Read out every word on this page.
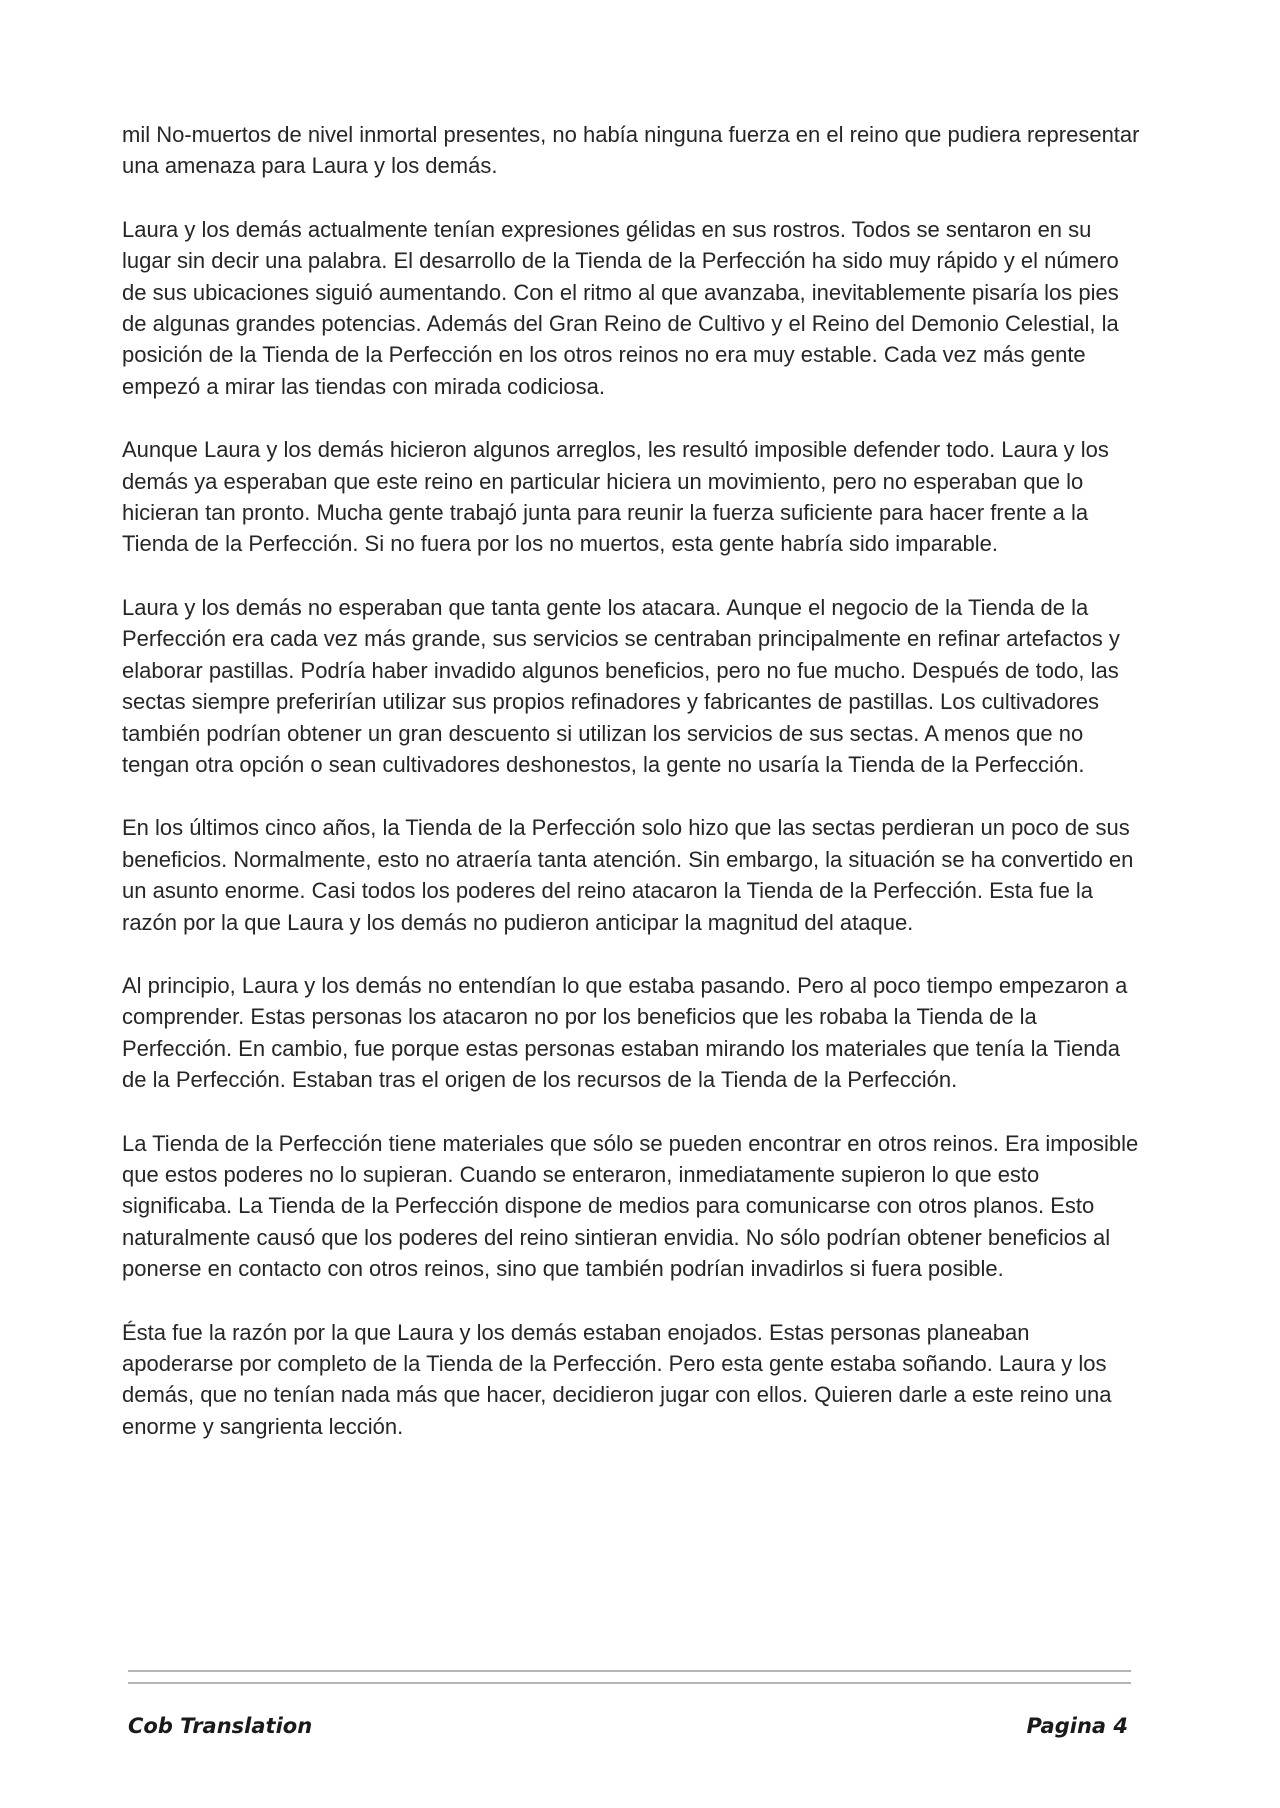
mil No-muertos de nivel inmortal presentes, no había ninguna fuerza en el reino que pudiera representar una amenaza para Laura y los demás.

Laura y los demás actualmente tenían expresiones gélidas en sus rostros. Todos se sentaron en su lugar sin decir una palabra. El desarrollo de la Tienda de la Perfección ha sido muy rápido y el número de sus ubicaciones siguió aumentando. Con el ritmo al que avanzaba, inevitablemente pisaría los pies de algunas grandes potencias. Además del Gran Reino de Cultivo y el Reino del Demonio Celestial, la posición de la Tienda de la Perfección en los otros reinos no era muy estable. Cada vez más gente empezó a mirar las tiendas con mirada codiciosa.

Aunque Laura y los demás hicieron algunos arreglos, les resultó imposible defender todo. Laura y los demás ya esperaban que este reino en particular hiciera un movimiento, pero no esperaban que lo hicieran tan pronto. Mucha gente trabajó junta para reunir la fuerza suficiente para hacer frente a la Tienda de la Perfección. Si no fuera por los no muertos, esta gente habría sido imparable.

Laura y los demás no esperaban que tanta gente los atacara. Aunque el negocio de la Tienda de la Perfección era cada vez más grande, sus servicios se centraban principalmente en refinar artefactos y elaborar pastillas. Podría haber invadido algunos beneficios, pero no fue mucho. Después de todo, las sectas siempre preferirían utilizar sus propios refinadores y fabricantes de pastillas. Los cultivadores también podrían obtener un gran descuento si utilizan los servicios de sus sectas. A menos que no tengan otra opción o sean cultivadores deshonestos, la gente no usaría la Tienda de la Perfección.

En los últimos cinco años, la Tienda de la Perfección solo hizo que las sectas perdieran un poco de sus beneficios. Normalmente, esto no atraería tanta atención. Sin embargo, la situación se ha convertido en un asunto enorme. Casi todos los poderes del reino atacaron la Tienda de la Perfección. Esta fue la razón por la que Laura y los demás no pudieron anticipar la magnitud del ataque.

Al principio, Laura y los demás no entendían lo que estaba pasando. Pero al poco tiempo empezaron a comprender. Estas personas los atacaron no por los beneficios que les robaba la Tienda de la Perfección. En cambio, fue porque estas personas estaban mirando los materiales que tenía la Tienda de la Perfección. Estaban tras el origen de los recursos de la Tienda de la Perfección.

La Tienda de la Perfección tiene materiales que sólo se pueden encontrar en otros reinos. Era imposible que estos poderes no lo supieran. Cuando se enteraron, inmediatamente supieron lo que esto significaba. La Tienda de la Perfección dispone de medios para comunicarse con otros planos. Esto naturalmente causó que los poderes del reino sintieran envidia. No sólo podrían obtener beneficios al ponerse en contacto con otros reinos, sino que también podrían invadirlos si fuera posible.

Ésta fue la razón por la que Laura y los demás estaban enojados. Estas personas planeaban apoderarse por completo de la Tienda de la Perfección. Pero esta gente estaba soñando. Laura y los demás, que no tenían nada más que hacer, decidieron jugar con ellos. Quieren darle a este reino una enorme y sangrienta lección.

Cob Translation	Pagina 4
